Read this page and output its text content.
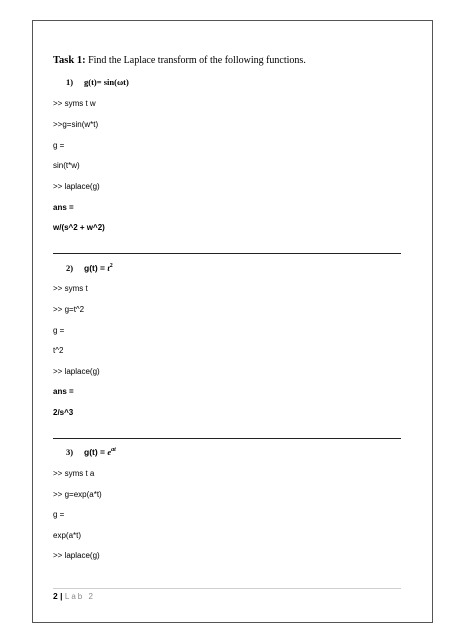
Task 1: Find the Laplace transform of the following functions.
1) g(t)= sin(ωt)
>> syms t w
>>g=sin(w*t)
g =
sin(t*w)
>> laplace(g)
ans =
w/(s^2 + w^2)
2) $g(t) = t^2$
>> syms t
>> g=t^2
g =
t^2
>> laplace(g)
ans =
2/s^3
3) $g(t) = e^{at}$
>> syms t a
>> g=exp(a*t)
g =
exp(a*t)
>> laplace(g)
2 | Lab 2
